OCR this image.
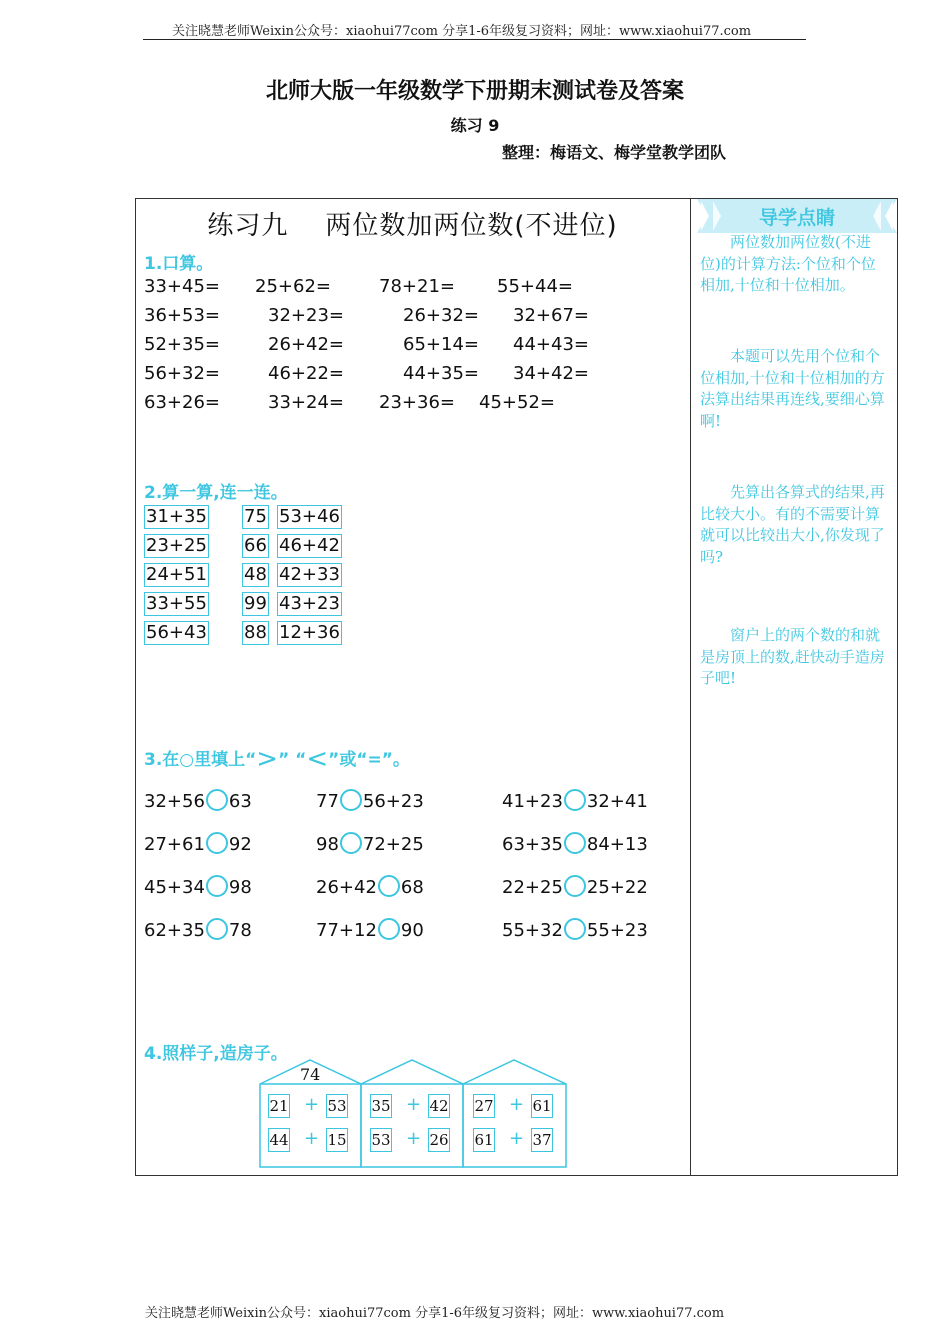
关注晓慧老师Weixin公众号：xiaohui77com 分享1-6年级复习资料；网址：www.xiaohui77.com
关注晓慧老师Weixin公众号：xiaohui77com 分享1-6年级复习资料；网址：www.xiaohui77.com
北师大版一年级数学下册期末测试卷及答案
练习 9
整理：梅语文、梅学堂教学团队
练习九    两位数加两位数(不进位)
1.口算。
33+45= 25+62=	78+21= 55+44=
36+53=	32+23=	26+32= 32+67=
52+35=	26+42=	65+14= 44+43=
56+32=	46+22=	44+35= 34+42=
63+26=	33+24= 23+36= 45+52=
2.算一算,连一连。
31+35 75 53+46
23+25 66 46+42
24+51 48 42+33
33+55 99 43+23
56+43 88 12+36
3.在○里填上“>” “<”或“=”。
32+56 63	77 56+23	41+23 32+41
27+61 92	98 72+25	63+35 84+13
45+34 98	26+42 68	22+25 25+22
62+35 78	77+12 90	55+32 55+23
4.照样子,造房子。
74
21 + 53
44 + 15
35 + 42
53 + 26
27 + 61
61 + 37
导学点睛
　　两位数加两位数(不进位)的计算方法:个位和个位相加,十位和十位相加。
　　本题可以先用个位和个位相加,十位和十位相加的方法算出结果再连线,要细心算啊!
　　先算出各算式的结果,再比较大小。有的不需要计算就可以比较出大小,你发现了吗?
　　窗户上的两个数的和就是房顶上的数,赶快动手造房子吧!
